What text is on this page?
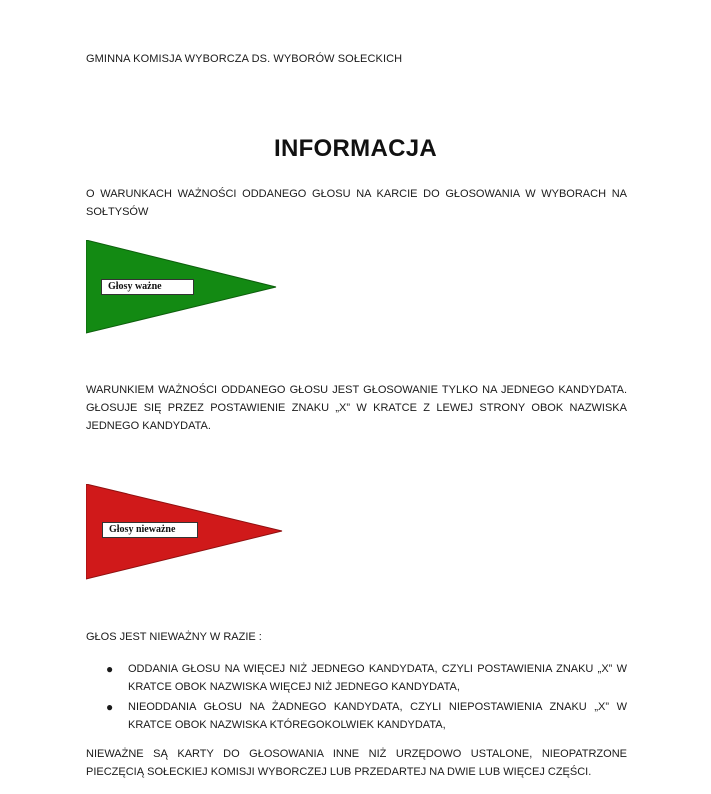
GMINNA KOMISJA WYBORCZA DS. WYBORÓW SOŁECKICH
INFORMACJA
O WARUNKACH WAŻNOŚCI ODDANEGO GŁOSU NA KARCIE DO GŁOSOWANIA W WYBORACH NA SOŁTYSÓW
Głosy ważne
WARUNKIEM WAŻNOŚCI ODDANEGO GŁOSU JEST GŁOSOWANIE TYLKO NA JEDNEGO KANDYDATA. GŁOSUJE SIĘ PRZEZ POSTAWIENIE ZNAKU „X” W KRATCE Z LEWEJ STRONY OBOK NAZWISKA JEDNEGO KANDYDATA.
Głosy nieważne
GŁOS JEST NIEWAŻNY W RAZIE :
● ODDANIA GŁOSU NA WIĘCEJ NIŻ JEDNEGO KANDYDATA, CZYLI POSTAWIENIA ZNAKU „X” W KRATCE OBOK NAZWISKA WIĘCEJ NIŻ JEDNEGO KANDYDATA,
● NIEODDANIA GŁOSU NA ŻADNEGO KANDYDATA, CZYLI NIEPOSTAWIENIA ZNAKU „X” W KRATCE OBOK NAZWISKA KTÓREGOKOLWIEK KANDYDATA,
NIEWAŻNE SĄ KARTY DO GŁOSOWANIA INNE NIŻ URZĘDOWO USTALONE, NIEOPATRZONE PIECZĘCIĄ SOŁECKIEJ KOMISJI WYBORCZEJ LUB PRZEDARTEJ NA DWIE LUB WIĘCEJ CZĘŚCI.
